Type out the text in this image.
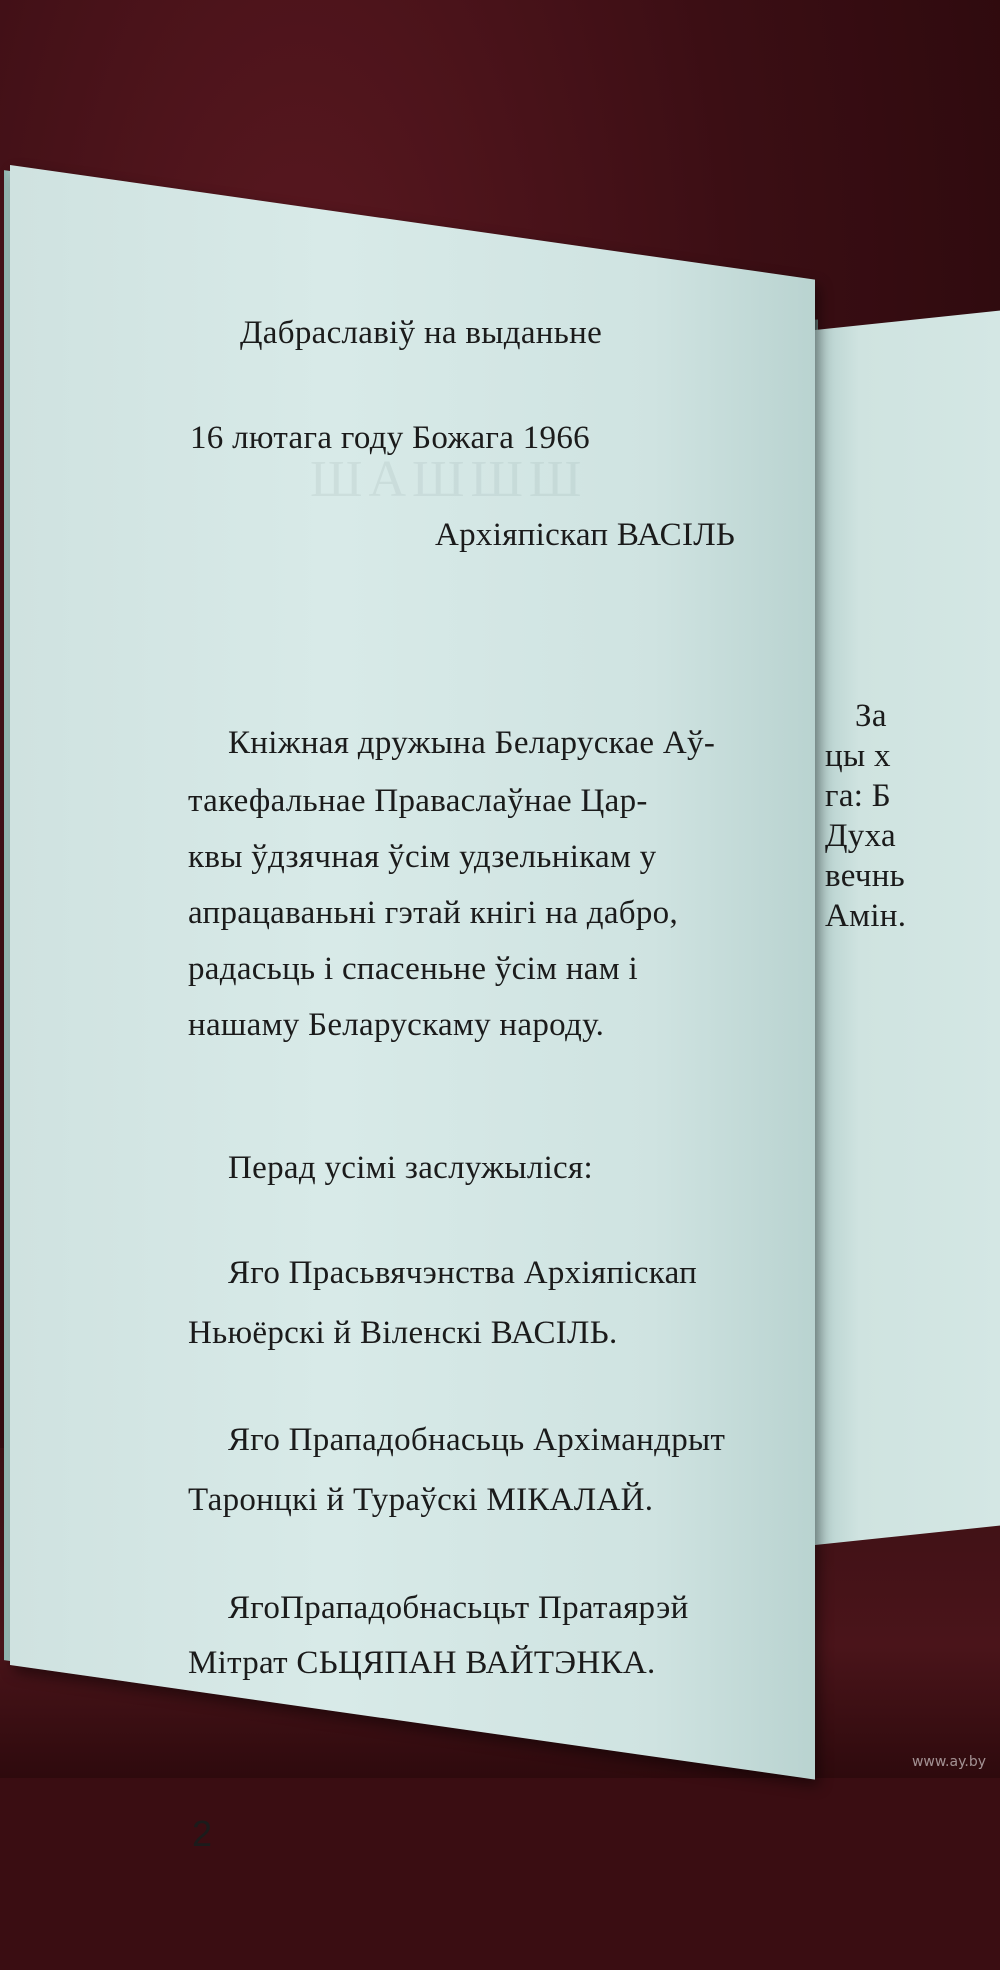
За
цы х
га: Б
Духа
вечнь
Амін.
ШАШШШ
Дабраславіў на выданьне
16 лютага году Божага 1966
Архіяпіскап ВАСІЛЬ
Кніжная дружына Беларускае Аў-
такефальнае Праваслаўнае Цар-
квы ўдзячная ўсім удзельнікам у
апрацаваньні гэтай кнігі на дабро,
радасьць і спасеньне ўсім нам і
нашаму Беларускаму народу.
Перад усімі заслужыліся:
Яго Прасьвячэнства Архіяпіскап
Ньюёрскі й Віленскі ВАСІЛЬ.
Яго Прападобнасьць Архімандрыт
Таронцкі й Тураўскі МІКАЛАЙ.
ЯгоПрападобнасьцьт Пратаярэй
Мітрат СЬЦЯПАН ВАЙТЭНКА.
2
www.ay.by
